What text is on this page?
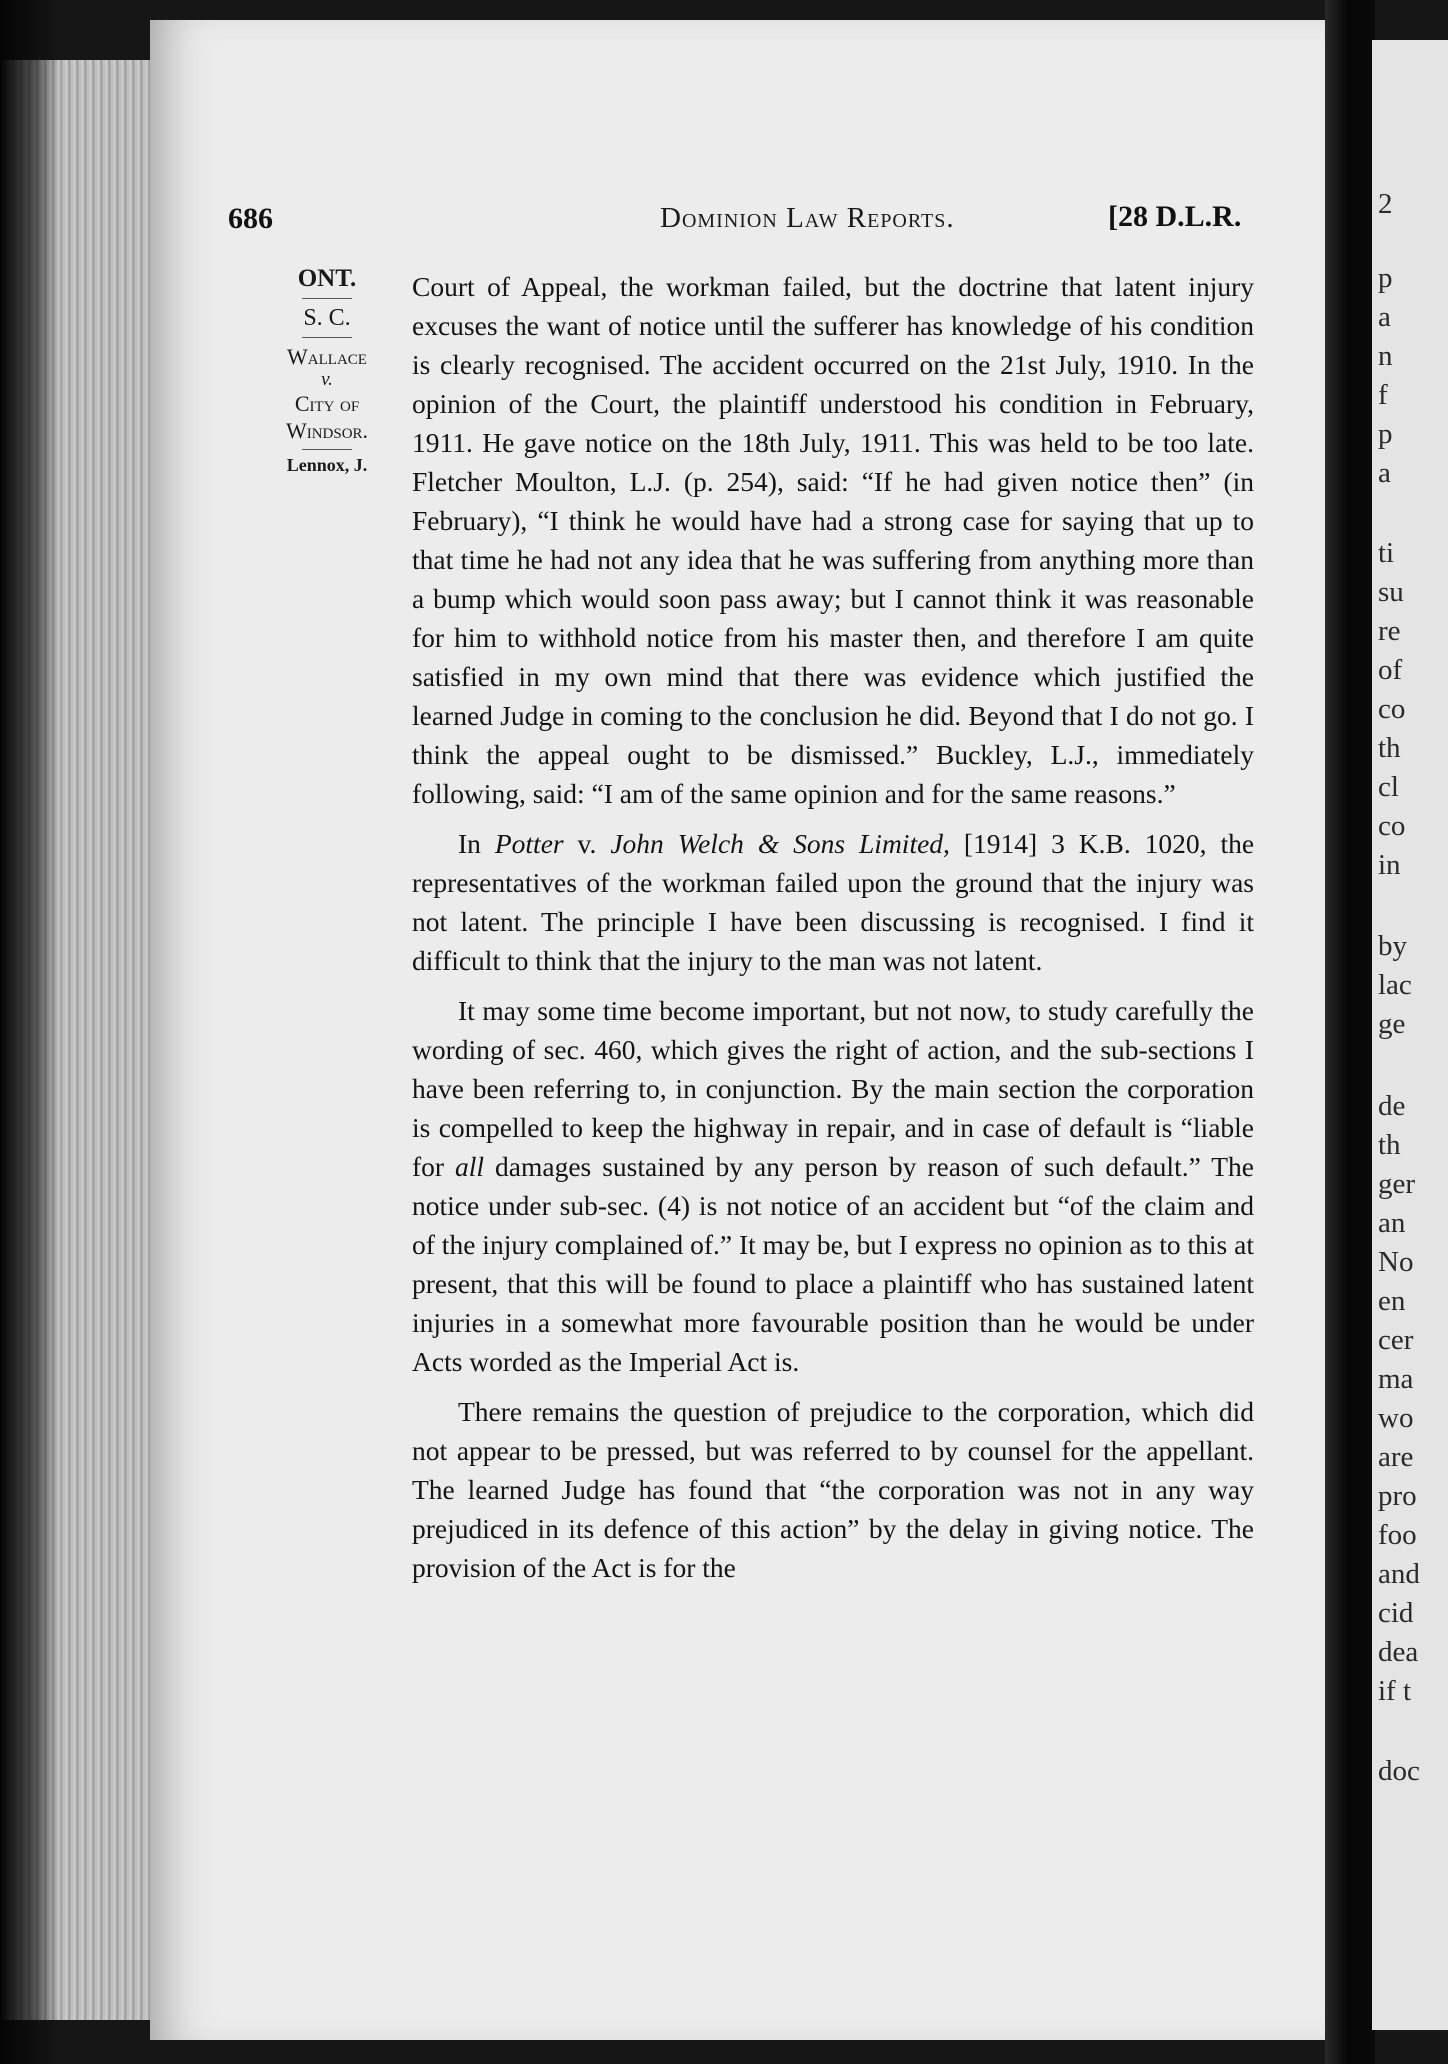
2
p
a
n
f
p
a
ti
su
re
of
co
th
cl
co
in
by
lac
ge
de
th
ger
an
No
en
cer
ma
wo
are
pro
foo
and
cid
dea
if t
doc
686	Dominion Law Reports.	[28 D.L.R.
ONT.
S. C.
Wallace
v.
City of
Windsor.
Lennox, J.

Court of Appeal, the workman failed, but the doctrine that latent injury excuses the want of notice until the sufferer has knowledge of his condition is clearly recognised. The accident occurred on the 21st July, 1910. In the opinion of the Court, the plaintiff understood his condition in February, 1911. He gave notice on the 18th July, 1911. This was held to be too late. Fletcher Moulton, L.J. (p. 254), said: “If he had given notice then” (in February), “I think he would have had a strong case for saying that up to that time he had not any idea that he was suffering from anything more than a bump which would soon pass away; but I cannot think it was reasonable for him to withhold notice from his master then, and therefore I am quite satisfied in my own mind that there was evidence which justified the learned Judge in coming to the conclusion he did. Beyond that I do not go. I think the appeal ought to be dismissed.” Buckley, L.J., immediately following, said: “I am of the same opinion and for the same reasons.”

In Potter v. John Welch & Sons Limited, [1914] 3 K.B. 1020, the representatives of the workman failed upon the ground that the injury was not latent. The principle I have been discussing is recognised. I find it difficult to think that the injury to the man was not latent.

It may some time become important, but not now, to study carefully the wording of sec. 460, which gives the right of action, and the sub-sections I have been referring to, in conjunction. By the main section the corporation is compelled to keep the highway in repair, and in case of default is “liable for all damages sustained by any person by reason of such default.” The notice under sub-sec. (4) is not notice of an accident but “of the claim and of the injury complained of.” It may be, but I express no opinion as to this at present, that this will be found to place a plaintiff who has sustained latent injuries in a somewhat more favourable position than he would be under Acts worded as the Imperial Act is.

There remains the question of prejudice to the corporation, which did not appear to be pressed, but was referred to by counsel for the appellant. The learned Judge has found that “the corporation was not in any way prejudiced in its defence of this action” by the delay in giving notice. The provision of the Act is for the
